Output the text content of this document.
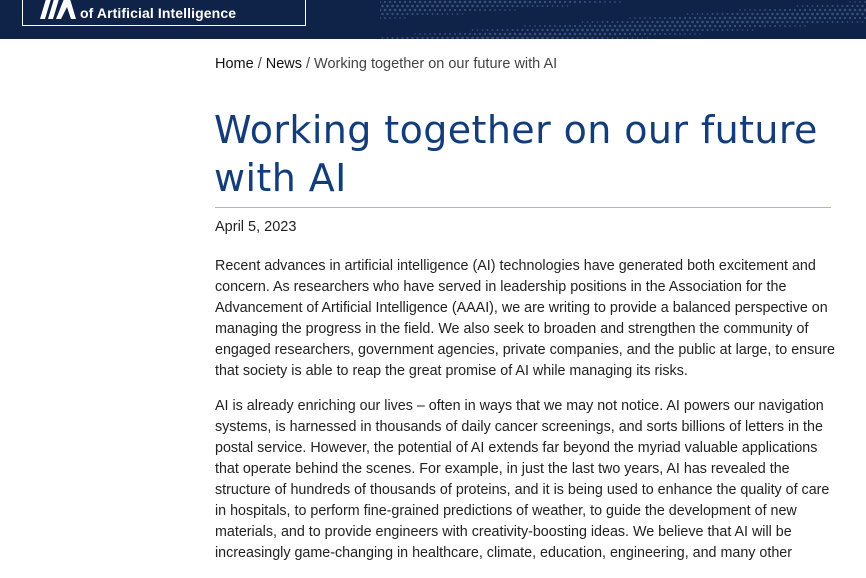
of Artificial Intelligence
Home / News / Working together on our future with AI
Working together on our future with AI
April 5, 2023

Recent advances in artificial intelligence (AI) technologies have generated both excitement and concern. As researchers who have served in leadership positions in the Association for the Advancement of Artificial Intelligence (AAAI), we are writing to provide a balanced perspective on managing the progress in the field. We also seek to broaden and strengthen the community of engaged researchers, government agencies, private companies, and the public at large, to ensure that society is able to reap the great promise of AI while managing its risks.

AI is already enriching our lives – often in ways that we may not notice. AI powers our navigation systems, is harnessed in thousands of daily cancer screenings, and sorts billions of letters in the postal service. However, the potential of AI extends far beyond the myriad valuable applications that operate behind the scenes. For example, in just the last two years, AI has revealed the structure of hundreds of thousands of proteins, and it is being used to enhance the quality of care in hospitals, to perform fine-grained predictions of weather, to guide the development of new materials, and to provide engineers with creativity-boosting ideas. We believe that AI will be increasingly game-changing in healthcare, climate, education, engineering, and many other
